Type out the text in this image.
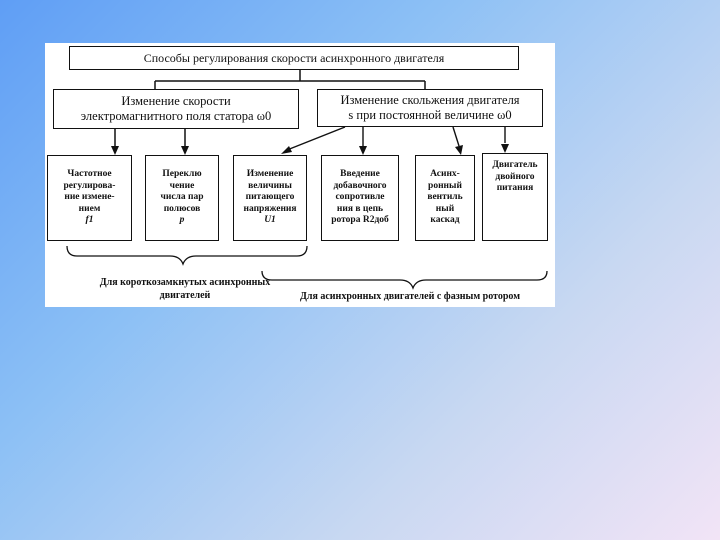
Способы регулирования скорости асинхронного двигателя
Изменение скорости
электромагнитного поля статора ω0
Изменение скольжения двигателя
s при постоянной величине ω0
Частотное
регулирова-
ние измене-
нием
f1
Переклю
чение
числа пар
полюсов
p
Изменение
величины
питающего
напряжения
U1
Введение
добавочного
сопротивле
ния в цепь
ротора R2доб
Асинх-
ронный
вентиль
ный
каскад
Двигатель
двойного
питания

Для короткозамкнутых асинхронных
двигателей	Для асинхронных двигателей с фазным ротором
